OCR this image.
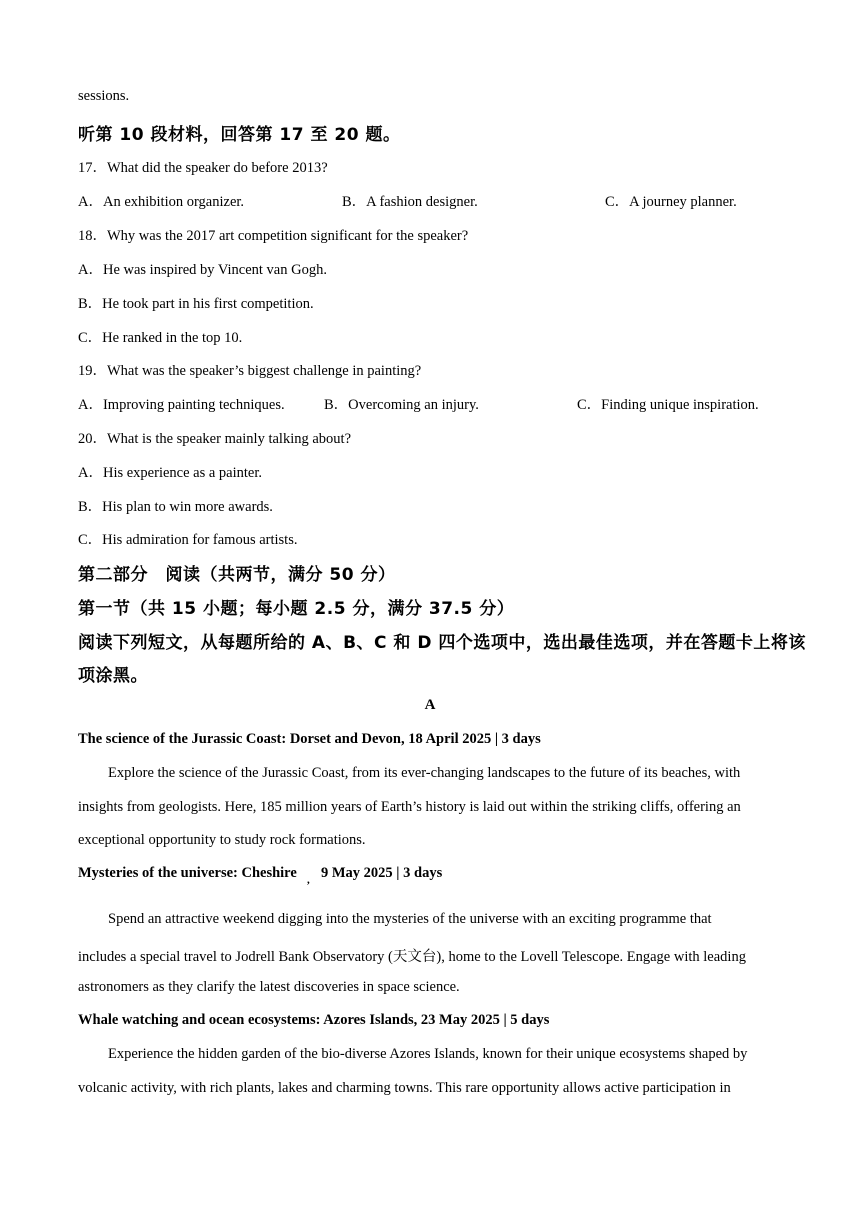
sessions.
听第 10 段材料，回答第 17 至 20 题。
17．What did the speaker do before 2013?
A．An exhibition organizer.	B．A fashion designer.	C．A journey planner.
18．Why was the 2017 art competition significant for the speaker?
A．He was inspired by Vincent van Gogh.
B．He took part in his first competition.
C．He ranked in the top 10.
19．What was the speaker’s biggest challenge in painting?
A．Improving painting techniques.	B．Overcoming an injury.	C．Finding unique inspiration.
20．What is the speaker mainly talking about?
A．His experience as a painter.
B．His plan to win more awards.
C．His admiration for famous artists.
第二部分　阅读（共两节，满分 50 分）
第一节（共 15 小题；每小题 2.5 分，满分 37.5 分）
阅读下列短文，从每题所给的 A、B、C 和 D 四个选项中，选出最佳选项，并在答题卡上将该
项涂黑。
A
The science of the Jurassic Coast: Dorset and Devon, 18 April 2025 | 3 days
Explore the science of the Jurassic Coast, from its ever-changing landscapes to the future of its beaches, with
insights from geologists. Here, 185 million years of Earth’s history is laid out within the striking cliffs, offering an
exceptional opportunity to study rock formations.
Mysteries of the universe: Cheshire , 9 May 2025 | 3 days
Spend an attractive weekend digging into the mysteries of the universe with an exciting programme that
includes a special travel to Jodrell Bank Observatory (天文台), home to the Lovell Telescope. Engage with leading
astronomers as they clarify the latest discoveries in space science.
Whale watching and ocean ecosystems: Azores Islands, 23 May 2025 | 5 days
Experience the hidden garden of the bio-diverse Azores Islands, known for their unique ecosystems shaped by
volcanic activity, with rich plants, lakes and charming towns. This rare opportunity allows active participation in
